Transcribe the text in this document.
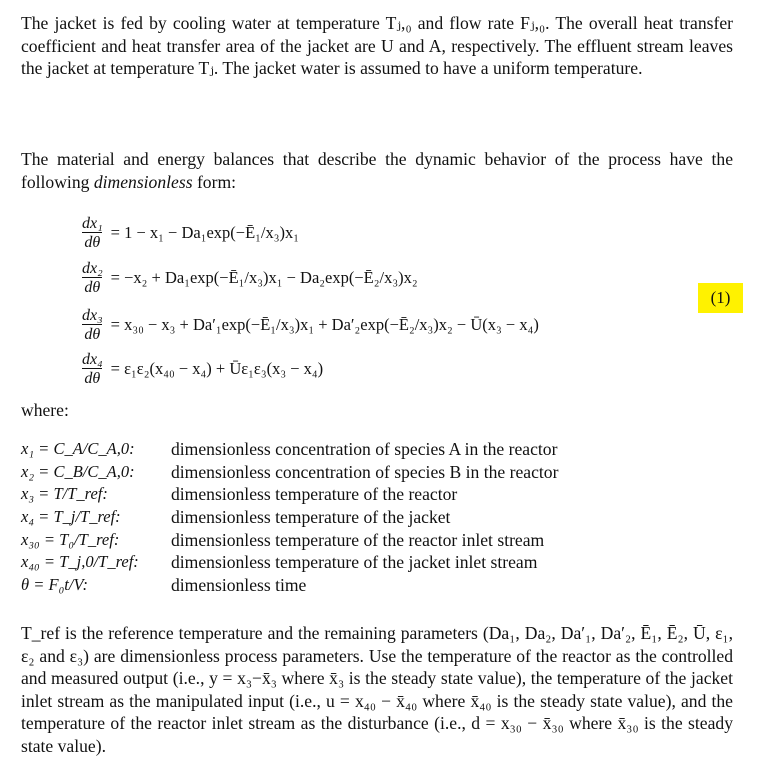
The jacket is fed by cooling water at temperature Tⱼ,₀ and flow rate Fⱼ,₀. The overall heat transfer coefficient and heat transfer area of the jacket are U and A, respectively. The effluent stream leaves the jacket at temperature Tⱼ. The jacket water is assumed to have a uniform temperature.

The material and energy balances that describe the dynamic behavior of the process have the following dimensionless form:

$\frac{\text{dx₁}}{d\theta} = 1 - x_1$ − Da₁exp(−Ē₁/x₃)x₁
$\frac{\text{dx₂}}{d\theta} = -x_2$ + Da₁exp(−Ē₁/x₃)x₁ − Da₂exp(−Ē₂/x₃)x₂
$\frac{\text{dx₃}}{d\theta} = x_{30} - x_3$ + Da′₁exp(−Ē₁/x₃)x₁ + Da′₂exp(−Ē₂/x₃)x₂ − Ū(x₃ − x₄)
$\frac{\text{dx₄}}{d\theta} = \varepsilon_1\varepsilon_2(x_{40} - x_4)$ + Ūε₁ε₃(x₃ − x₄)
(1)

where:

x₁ = C_A/C_A,0:	dimensionless concentration of species A in the reactor
x₂ = C_B/C_A,0:	dimensionless concentration of species B in the reactor
x₃ = T/T_ref:	dimensionless temperature of the reactor
x₄ = T_j/T_ref:	dimensionless temperature of the jacket
x₃₀ = T₀/T_ref:	dimensionless temperature of the reactor inlet stream
x₄₀ = T_j,0/T_ref:	dimensionless temperature of the jacket inlet stream
θ = F₀t/V:	dimensionless time

T_ref is the reference temperature and the remaining parameters (Da₁, Da₂, Da′₁, Da′₂, Ē₁, Ē₂, Ū, ε₁, ε₂ and ε₃) are dimensionless process parameters. Use the temperature of the reactor as the controlled and measured output (i.e., y = x₃−x̄₃ where x̄₃ is the steady state value), the temperature of the jacket inlet stream as the manipulated input (i.e., u = x₄₀ − x̄₄₀ where x̄₄₀ is the steady state value), and the temperature of the reactor inlet stream as the disturbance (i.e., d = x₃₀ − x̄₃₀ where x̄₃₀ is the steady state value).
